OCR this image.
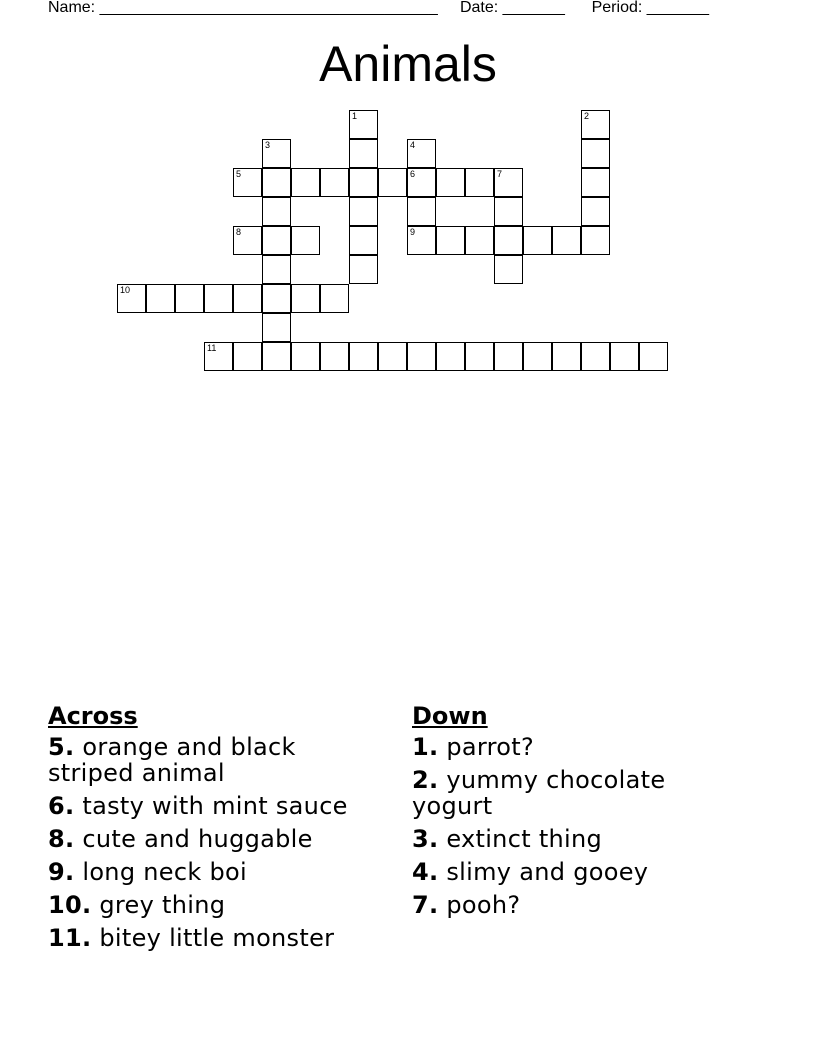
Name: ______________________________________ Date: _______ Period: _______
Animals
1	2
3	4
6
9
5	7
8
10
11
Across
5. orange and black striped animal
6. tasty with mint sauce
8. cute and huggable
9. long neck boi
10. grey thing
11. bitey little monster
Down
1. parrot?
2. yummy chocolate yogurt
3. extinct thing
4. slimy and gooey
7. pooh?
